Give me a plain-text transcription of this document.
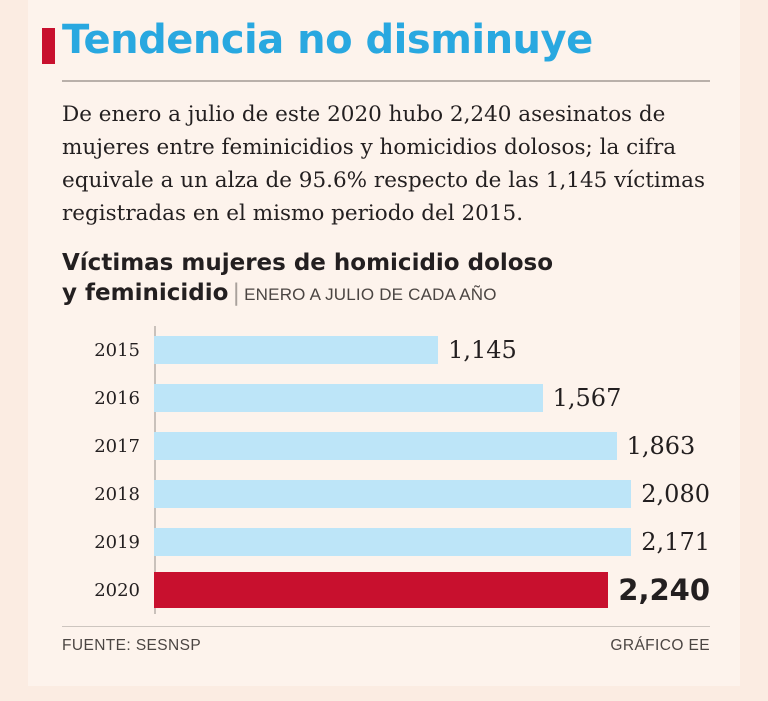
Tendencia no disminuye

De enero a julio de este 2020 hubo 2,240 asesinatos de mujeres entre feminicidios y homicidios dolosos; la cifra equivale a un alza de 95.6% respecto de las 1,145 víctimas registradas en el mismo periodo del 2015.

Víctimas mujeres de homicidio doloso
y feminicidio | ENERO A JULIO DE CADA AÑO
2015	1,145
2016	1,567
2017	1,863
2018	2,080
2019	2,171
2020	2,240
FUENTE: SESNSP	GRÁFICO EE
